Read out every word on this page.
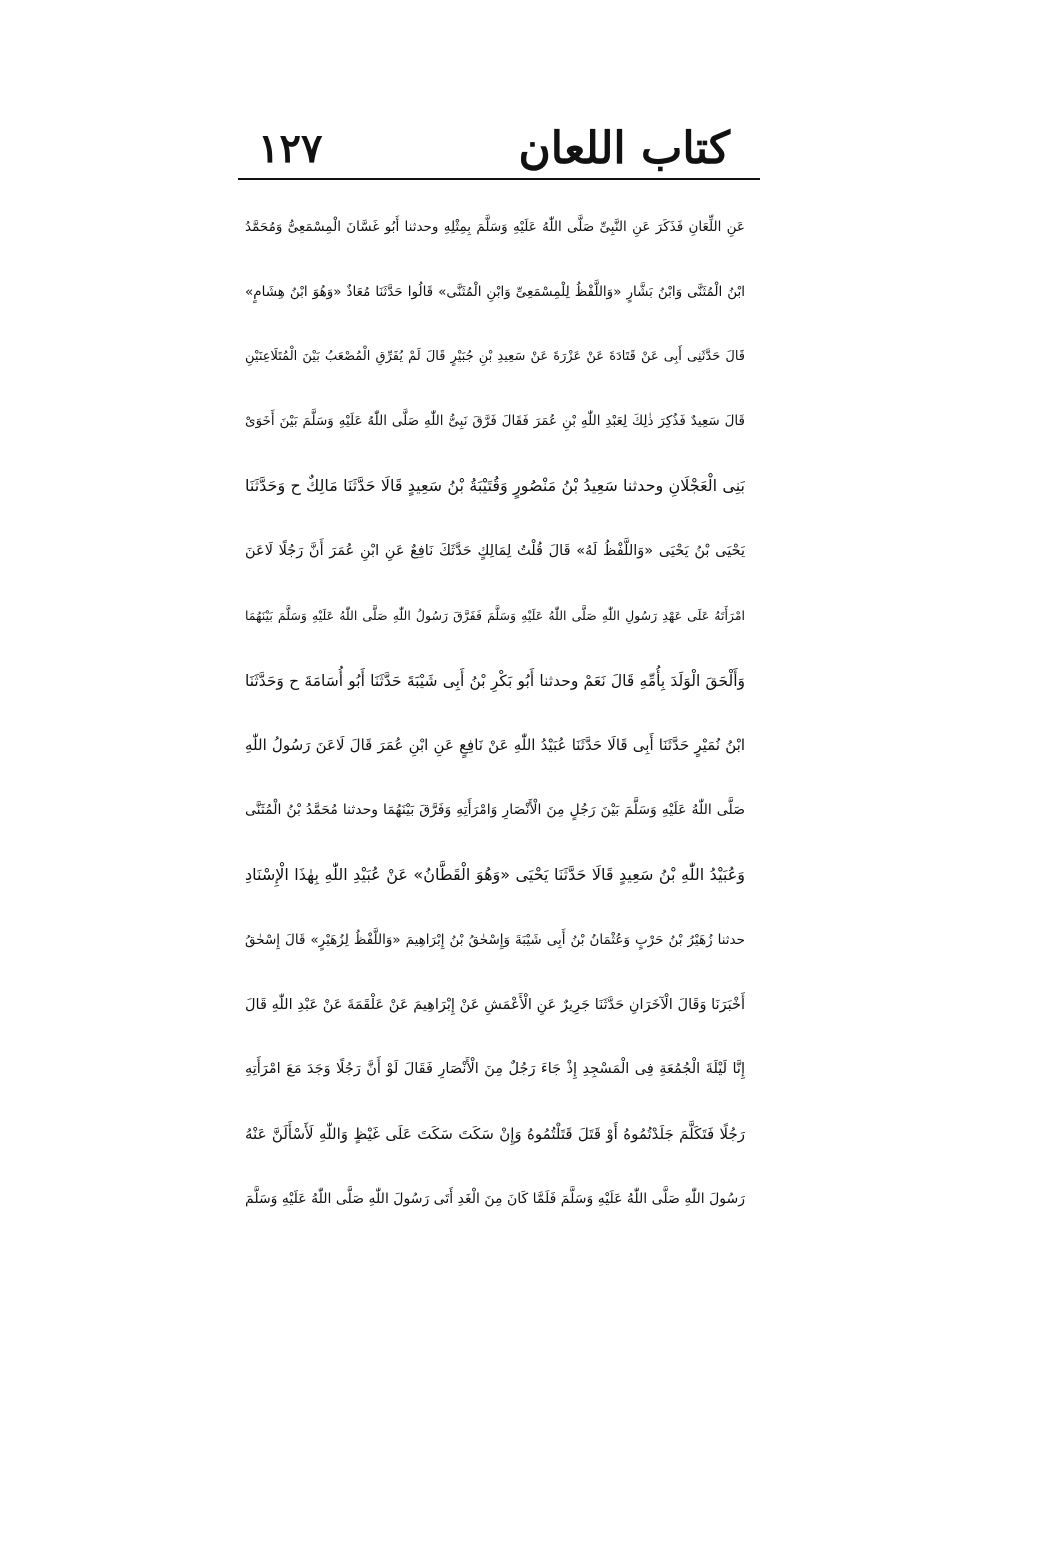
١٢٧	كتاب اللعان
عَنِ اللِّعَانِ فَذَكَرَ عَنِ النَّبِىِّ صَلَّى اللّٰهُ عَلَيْهِ وَسَلَّمَ بِمِثْلِهِ وحدثنا أَبُو غَسَّانَ الْمِسْمَعِىُّ وَمُحَمَّدُ
ابْنُ الْمُثَنَّى وَابْنُ بَشَّارٍ «وَاللَّفْظُ لِلْمِسْمَعِىِّ وَابْنِ الْمُثَنَّى» قَالُوا حَدَّثَنَا مُعَاذٌ «وَهُوَ ابْنُ هِشَامٍ»
قَالَ حَدَّثَنِى أَبِى عَنْ قَتَادَةَ عَنْ عَزْرَةَ عَنْ سَعِيدِ بْنِ جُبَيْرٍ قَالَ لَمْ يُفَرِّقِ الْمُصْعَبُ بَيْنَ الْمُتَلَاعِنَيْنِ
قَالَ سَعِيدٌ فَذُكِرَ ذٰلِكَ لِعَبْدِ اللّٰهِ بْنِ عُمَرَ فَقَالَ فَرَّقَ نَبِىُّ اللّٰهِ صَلَّى اللّٰهُ عَلَيْهِ وَسَلَّمَ بَيْنَ أَخَوَىْ
بَنِى الْعَجْلَانِ وحدثنا سَعِيدُ بْنُ مَنْصُورٍ وَقُتَيْبَةُ بْنُ سَعِيدٍ قَالَا حَدَّثَنَا مَالِكٌ ح وَحَدَّثَنَا
يَحْيَى بْنُ يَحْيَى «وَاللَّفْظُ لَهُ» قَالَ قُلْتُ لِمَالِكٍ حَدَّثَكَ نَافِعٌ عَنِ ابْنِ عُمَرَ أَنَّ رَجُلًا لَاعَنَ
امْرَأَتَهُ عَلَى عَهْدِ رَسُولِ اللّٰهِ صَلَّى اللّٰهُ عَلَيْهِ وَسَلَّمَ فَفَرَّقَ رَسُولُ اللّٰهِ صَلَّى اللّٰهُ عَلَيْهِ وَسَلَّمَ بَيْنَهُمَا
وَأَلْحَقَ الْوَلَدَ بِأُمِّهِ قَالَ نَعَمْ وحدثنا أَبُو بَكْرِ بْنُ أَبِى شَيْبَةَ حَدَّثَنَا أَبُو أُسَامَةَ ح وَحَدَّثَنَا
ابْنُ نُمَيْرٍ حَدَّثَنَا أَبِى قَالَا حَدَّثَنَا عُبَيْدُ اللّٰهِ عَنْ نَافِعٍ عَنِ ابْنِ عُمَرَ قَالَ لَاعَنَ رَسُولُ اللّٰهِ
صَلَّى اللّٰهُ عَلَيْهِ وَسَلَّمَ بَيْنَ رَجُلٍ مِنَ الْأَنْصَارِ وَامْرَأَتِهِ وَفَرَّقَ بَيْنَهُمَا وحدثنا مُحَمَّدُ بْنُ الْمُثَنَّى
وَعُبَيْدُ اللّٰهِ بْنُ سَعِيدٍ قَالَا حَدَّثَنَا يَحْيَى «وَهُوَ الْقَطَّانُ» عَنْ عُبَيْدِ اللّٰهِ بِهٰذَا الْإِسْنَادِ
حدثنا زُهَيْرُ بْنُ حَرْبٍ وَعُثْمَانُ بْنُ أَبِى شَيْبَةَ وَإِسْحٰقُ بْنُ إِبْرَاهِيمَ «وَاللَّفْظُ لِزُهَيْرٍ» قَالَ إِسْحٰقُ
أَخْبَرَنَا وَقَالَ الْآخَرَانِ حَدَّثَنَا جَرِيرٌ عَنِ الْأَعْمَشِ عَنْ إِبْرَاهِيمَ عَنْ عَلْقَمَةَ عَنْ عَبْدِ اللّٰهِ قَالَ
إِنَّا لَيْلَةَ الْجُمُعَةِ فِى الْمَسْجِدِ إِذْ جَاءَ رَجُلٌ مِنَ الْأَنْصَارِ فَقَالَ لَوْ أَنَّ رَجُلًا وَجَدَ مَعَ امْرَأَتِهِ
رَجُلًا فَتَكَلَّمَ جَلَدْتُمُوهُ أَوْ قَتَلَ قَتَلْتُمُوهُ وَإِنْ سَكَتَ سَكَتَ عَلَى غَيْظٍ وَاللّٰهِ لَأَسْأَلَنَّ عَنْهُ
رَسُولَ اللّٰهِ صَلَّى اللّٰهُ عَلَيْهِ وَسَلَّمَ فَلَمَّا كَانَ مِنَ الْغَدِ أَتَى رَسُولَ اللّٰهِ صَلَّى اللّٰهُ عَلَيْهِ وَسَلَّمَ
